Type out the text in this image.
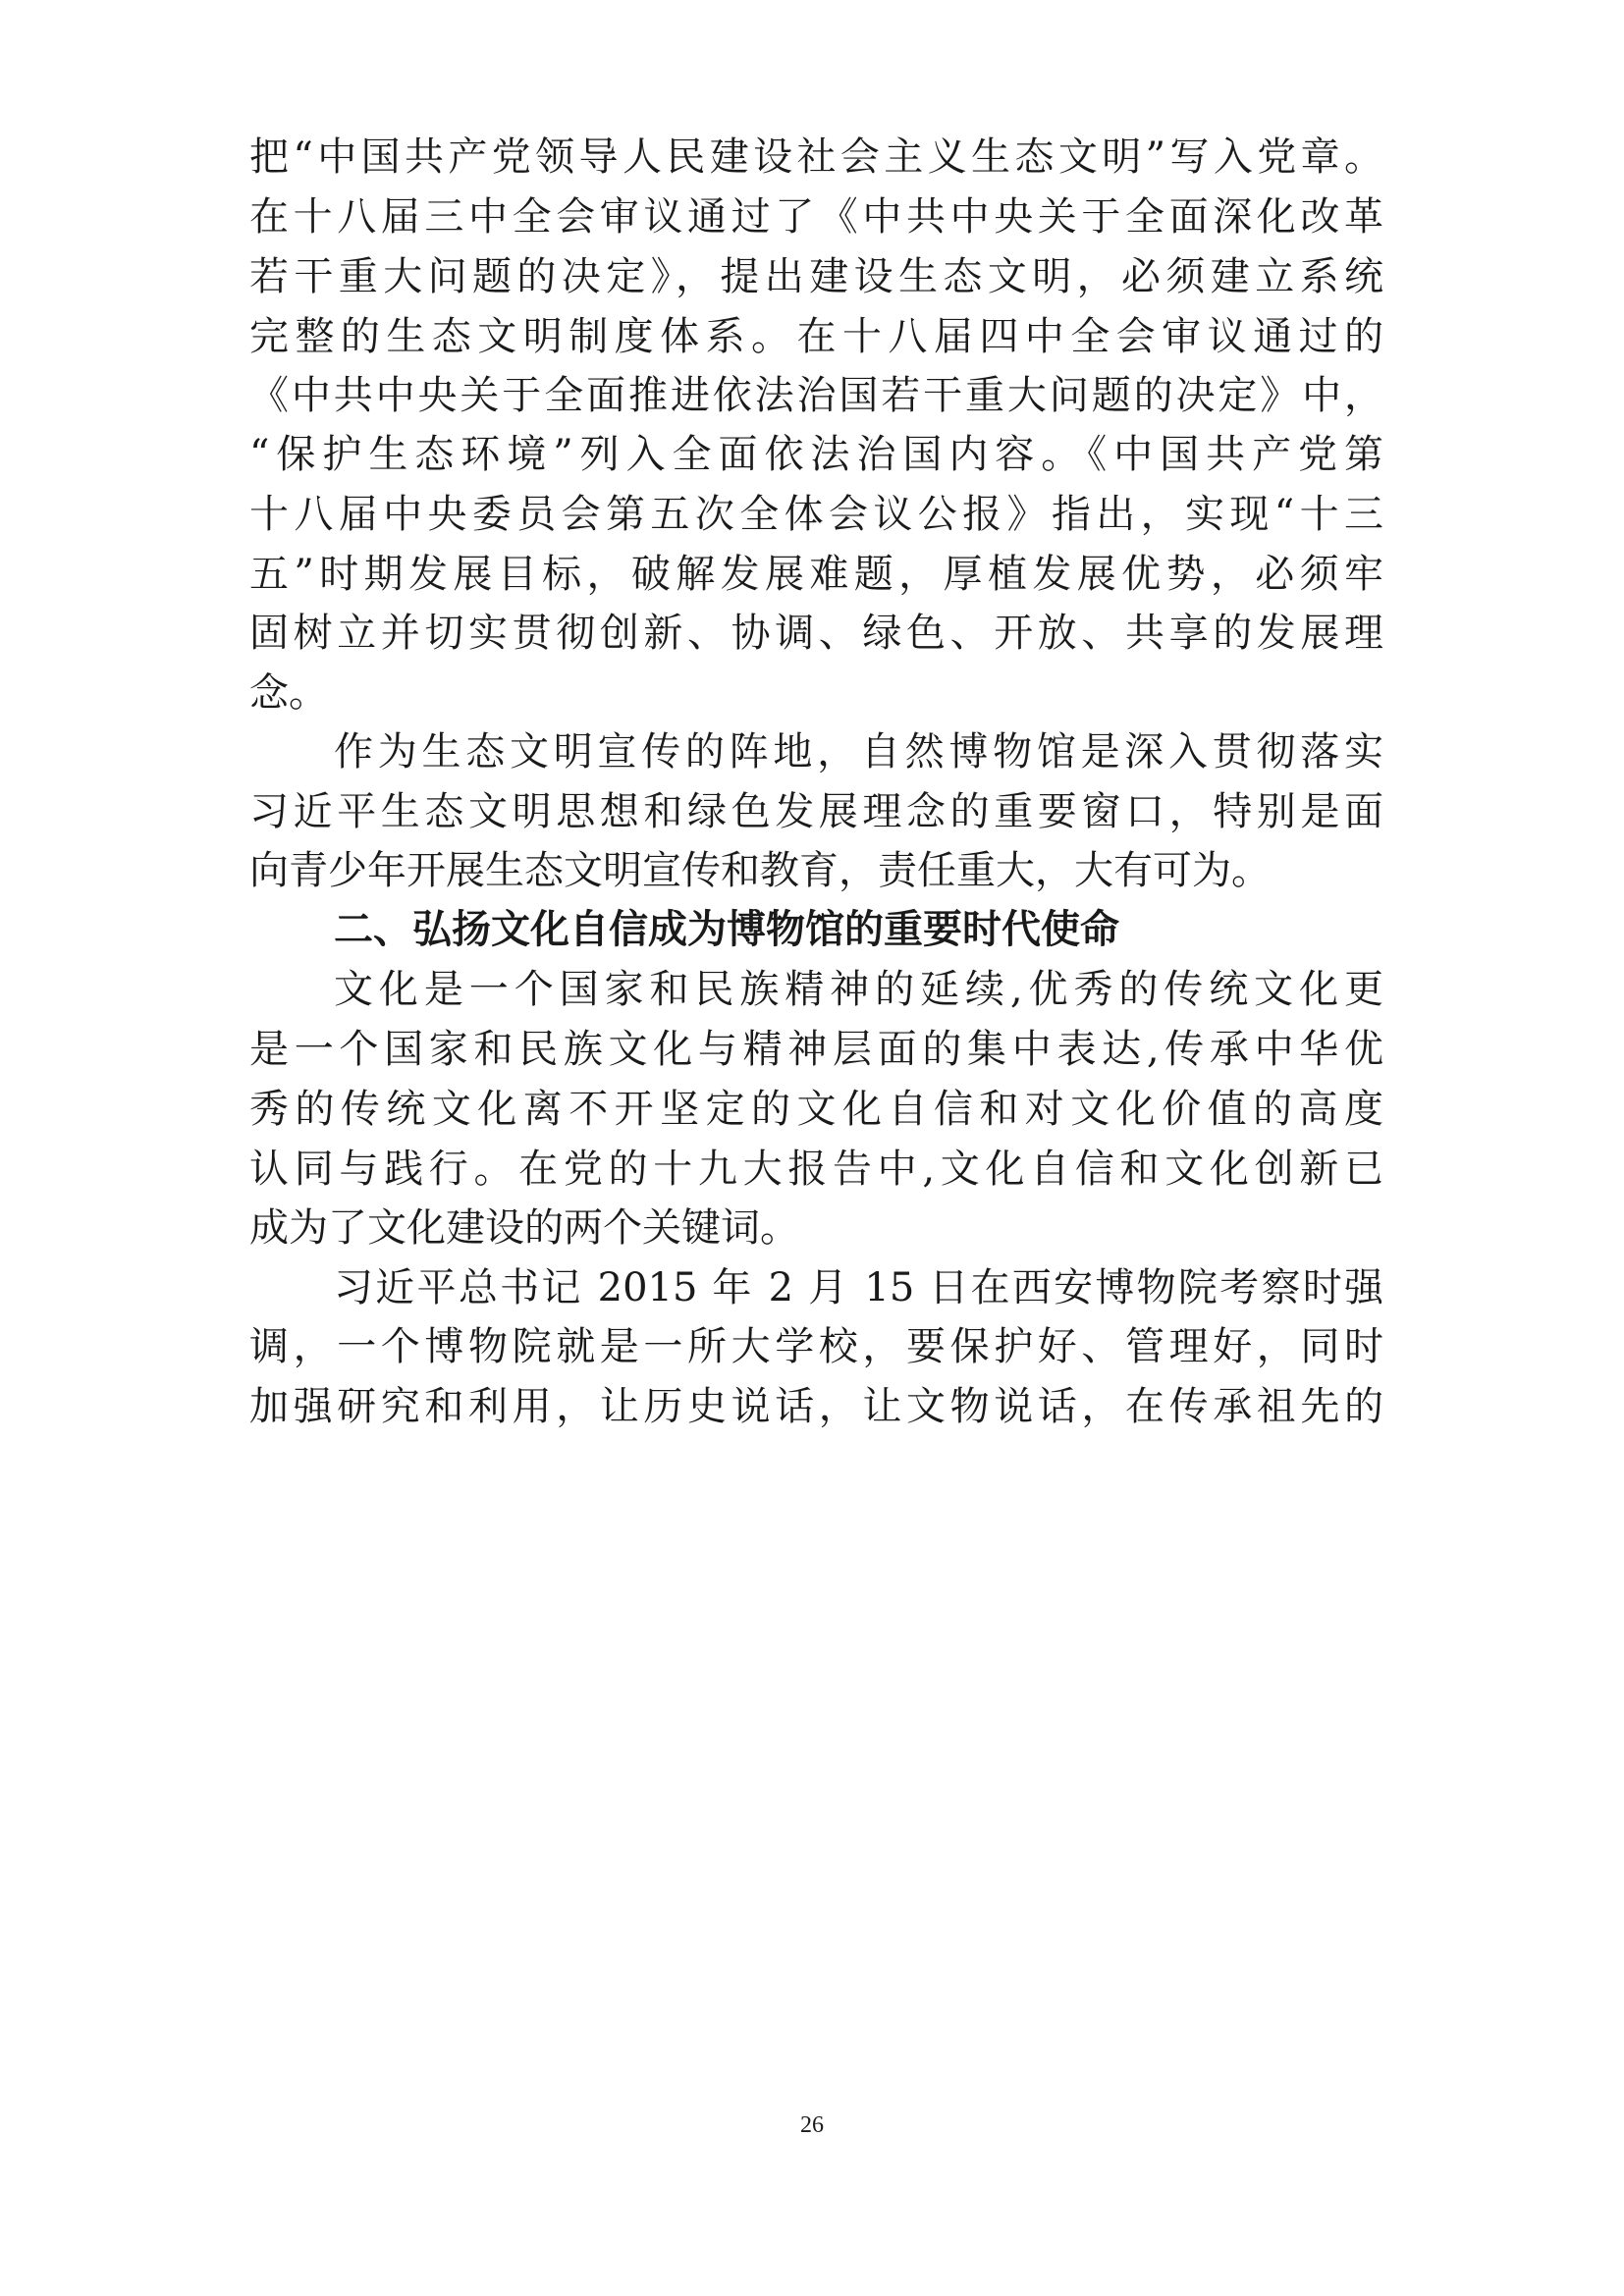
把“中国共产党领导人民建设社会主义生态文明”写入党章。
在十八届三中全会审议通过了《中共中央关于全面深化改革
若干重大问题的决定》，提出建设生态文明，必须建立系统
完整的生态文明制度体系。在十八届四中全会审议通过的
《中共中央关于全面推进依法治国若干重大问题的决定》中，
“保护生态环境”列入全面依法治国内容。《中国共产党第
十八届中央委员会第五次全体会议公报》指出，实现“十三
五”时期发展目标，破解发展难题，厚植发展优势，必须牢
固树立并切实贯彻创新、协调、绿色、开放、共享的发展理
念。
作为生态文明宣传的阵地，自然博物馆是深入贯彻落实
习近平生态文明思想和绿色发展理念的重要窗口，特别是面
向青少年开展生态文明宣传和教育，责任重大，大有可为。
二、弘扬文化自信成为博物馆的重要时代使命
文化是一个国家和民族精神的延续,优秀的传统文化更
是一个国家和民族文化与精神层面的集中表达,传承中华优
秀的传统文化离不开坚定的文化自信和对文化价值的高度
认同与践行。在党的十九大报告中,文化自信和文化创新已
成为了文化建设的两个关键词。
习近平总书记 2015 年 2 月 15 日在西安博物院考察时强
调，一个博物院就是一所大学校，要保护好、管理好，同时
加强研究和利用，让历史说话，让文物说话，在传承祖先的
26
